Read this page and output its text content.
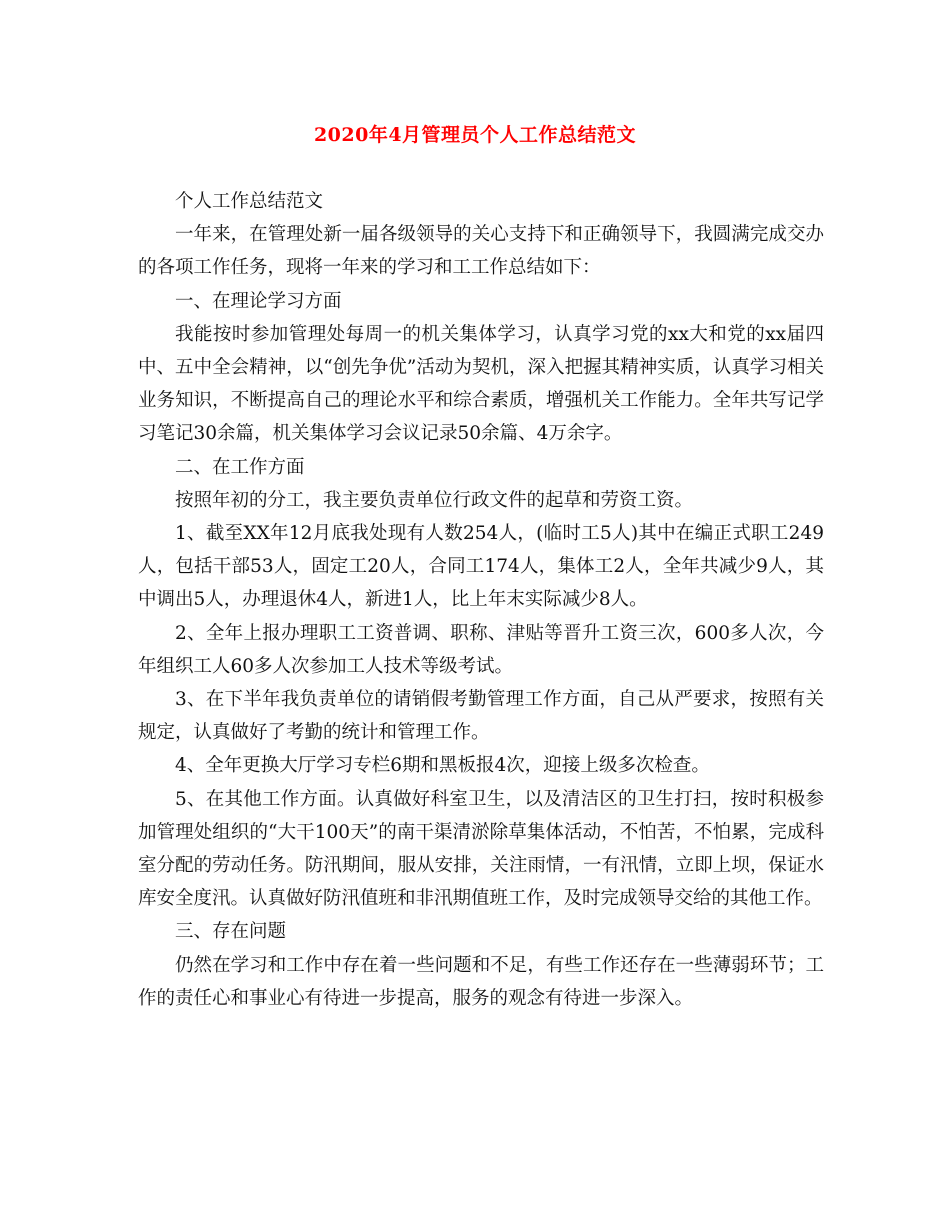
2020年4月管理员个人工作总结范文

个人工作总结范文

一年来，在管理处新一届各级领导的关心支持下和正确领导下，我圆满完成交办的各项工作任务，现将一年来的学习和工工作总结如下：

一、在理论学习方面

我能按时参加管理处每周一的机关集体学习，认真学习党的xx大和党的xx届四中、五中全会精神，以“创先争优”活动为契机，深入把握其精神实质，认真学习相关业务知识，不断提高自己的理论水平和综合素质，增强机关工作能力。全年共写记学习笔记30余篇，机关集体学习会议记录50余篇、4万余字。

二、在工作方面

按照年初的分工，我主要负责单位行政文件的起草和劳资工资。

1、截至XX年12月底我处现有人数254人，(临时工5人)其中在编正式职工249人，包括干部53人，固定工20人，合同工174人，集体工2人，全年共减少9人，其中调出5人，办理退休4人，新进1人，比上年末实际减少8人。

2、全年上报办理职工工资普调、职称、津贴等晋升工资三次，600多人次，今年组织工人60多人次参加工人技术等级考试。

3、在下半年我负责单位的请销假考勤管理工作方面，自己从严要求，按照有关规定，认真做好了考勤的统计和管理工作。

4、全年更换大厅学习专栏6期和黑板报4次，迎接上级多次检查。

5、在其他工作方面。认真做好科室卫生，以及清洁区的卫生打扫，按时积极参加管理处组织的“大干100天”的南干渠清淤除草集体活动，不怕苦，不怕累，完成科室分配的劳动任务。防汛期间，服从安排，关注雨情，一有汛情，立即上坝，保证水库安全度汛。认真做好防汛值班和非汛期值班工作，及时完成领导交给的其他工作。

三、存在问题

仍然在学习和工作中存在着一些问题和不足，有些工作还存在一些薄弱环节；工作的责任心和事业心有待进一步提高，服务的观念有待进一步深入。
